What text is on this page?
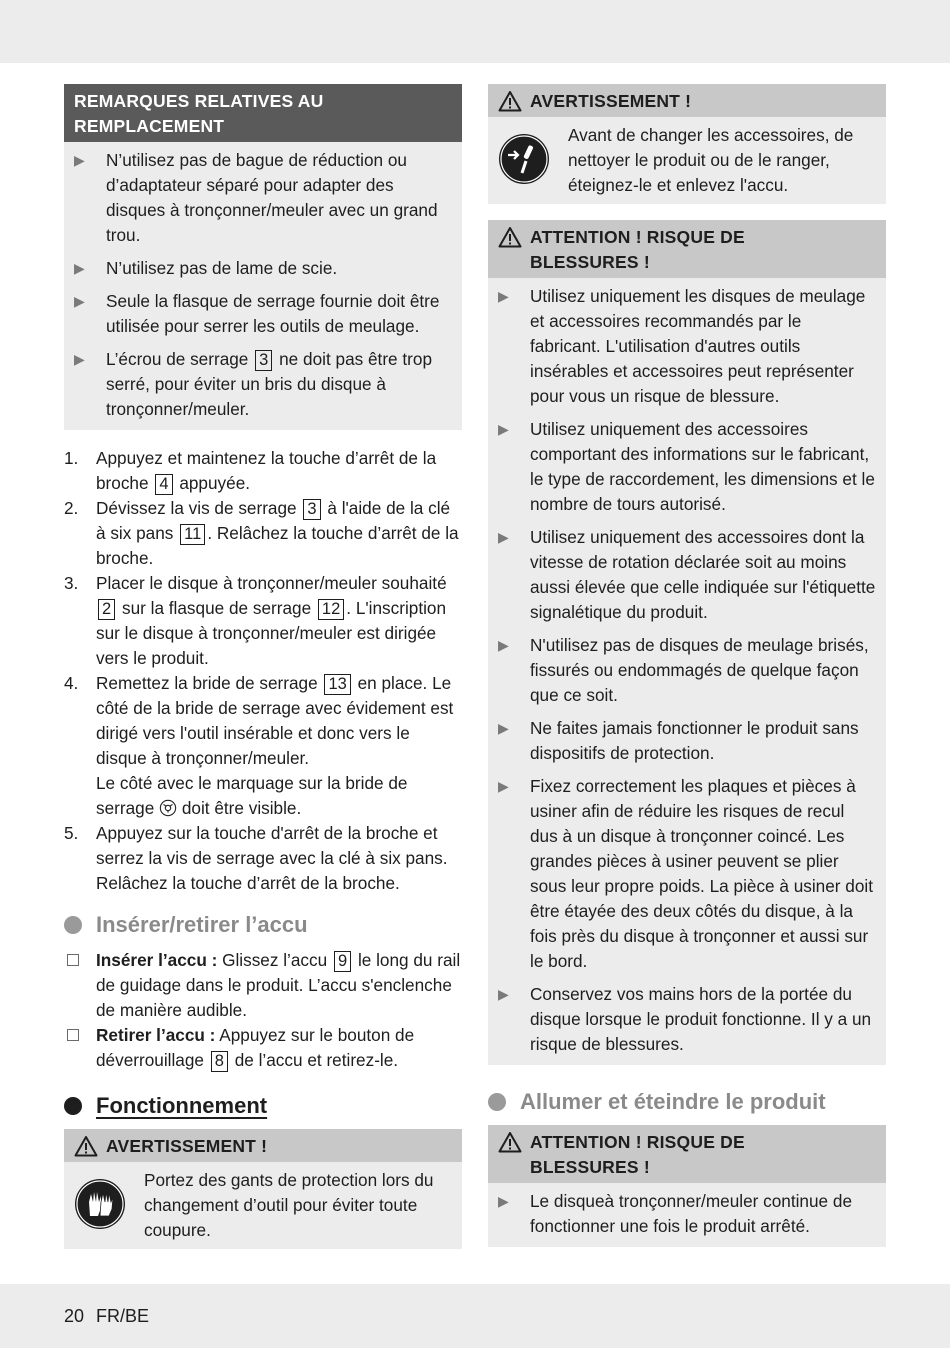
REMARQUES RELATIVES AU REMPLACEMENT
▶	N’utilisez pas de bague de réduction ou d’adaptateur séparé pour adapter des disques à tronçonner/meuler avec un grand trou.
▶	N’utilisez pas de lame de scie.
▶	Seule la flasque de serrage fournie doit être utilisée pour serrer les outils de meulage.
▶	L’écrou de serrage 3 ne doit pas être trop serré, pour éviter un bris du disque à tronçonner/meuler.
1.	Appuyez et maintenez la touche d’arrêt de la broche 4 appuyée.
2.	Dévissez la vis de serrage 3 à l'aide de la clé à six pans 11 . Relâchez la touche d’arrêt de la broche.
3.	Placer le disque à tronçonner/meuler souhaité 2 sur la flasque de serrage 12 . L'inscription sur le disque à tronçonner/meuler est dirigée vers le produit.
4.	Remettez la bride de serrage 13 en place. Le côté de la bride de serrage avec évidement est dirigé vers l'outil insérable et donc vers le disque à tronçonner/meuler.
Le côté avec le marquage sur la bride de serrage doit être visible.
5.	Appuyez sur la touche d'arrêt de la broche et serrez la vis de serrage avec la clé à six pans. Relâchez la touche d’arrêt de la broche.
Insérer/retirer l’accu
Insérer l’accu : Glissez l’accu 9 le long du rail de guidage dans le produit. L’accu s'enclenche de manière audible.
Retirer l’accu : Appuyez sur le bouton de déverrouillage 8 de l’accu et retirez-le.
Fonctionnement
AVERTISSEMENT !
Portez des gants de protection lors du changement d’outil pour éviter toute coupure.
AVERTISSEMENT !
Avant de changer les accessoires, de nettoyer le produit ou de le ranger, éteignez-le et enlevez l'accu.
ATTENTION ! RISQUE DE BLESSURES !
▶	Utilisez uniquement les disques de meulage et accessoires recommandés par le fabricant. L'utilisation d'autres outils insérables et accessoires peut représenter pour vous un risque de blessure.
▶	Utilisez uniquement des accessoires comportant des informations sur le fabricant, le type de raccordement, les dimensions et le nombre de tours autorisé.
▶	Utilisez uniquement des accessoires dont la vitesse de rotation déclarée soit au moins aussi élevée que celle indiquée sur l'étiquette signalétique du produit.
▶	N'utilisez pas de disques de meulage brisés, fissurés ou endommagés de quelque façon que ce soit.
▶	Ne faites jamais fonctionner le produit sans dispositifs de protection.
▶	Fixez correctement les plaques et pièces à usiner afin de réduire les risques de recul dus à un disque à tronçonner coincé. Les grandes pièces à usiner peuvent se plier sous leur propre poids. La pièce à usiner doit être étayée des deux côtés du disque, à la fois près du disque à tronçonner et aussi sur le bord.
▶	Conservez vos mains hors de la portée du disque lorsque le produit fonctionne. Il y a un risque de blessures.
Allumer et éteindre le produit
ATTENTION ! RISQUE DE BLESSURES !
▶	Le disqueà tronçonner/meuler continue de fonctionner une fois le produit arrêté.
20 FR/BE
